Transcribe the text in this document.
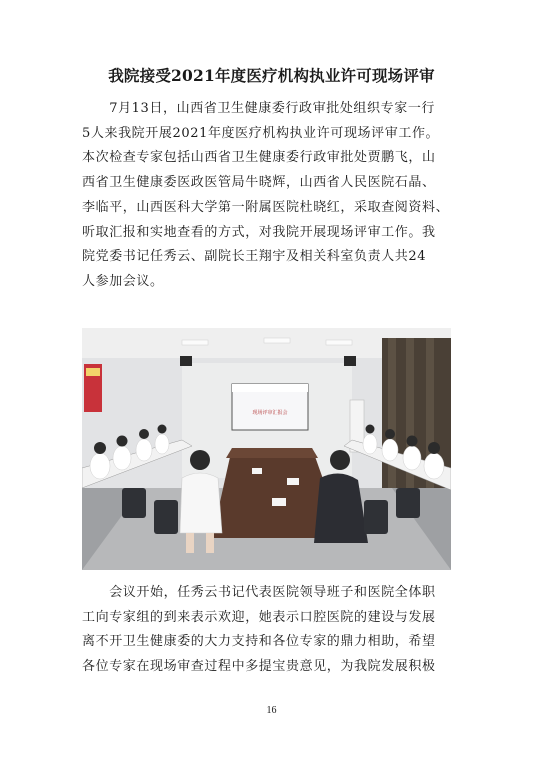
我院接受2021年度医疗机构执业许可现场评审
　　7月13日，山西省卫生健康委行政审批处组织专家一行
5人来我院开展2021年度医疗机构执业许可现场评审工作。
本次检查专家包括山西省卫生健康委行政审批处贾鹏飞，山
西省卫生健康委医政医管局牛晓辉，山西省人民医院石晶、
李临平，山西医科大学第一附属医院杜晓红，采取查阅资料、
听取汇报和实地查看的方式，对我院开展现场评审工作。我
院党委书记任秀云、副院长王翔宇及相关科室负责人共24
人参加会议。
现场评审汇报会
　　会议开始，任秀云书记代表医院领导班子和医院全体职
工向专家组的到来表示欢迎，她表示口腔医院的建设与发展
离不开卫生健康委的大力支持和各位专家的鼎力相助，希望
各位专家在现场审查过程中多提宝贵意见，为我院发展积极
16
